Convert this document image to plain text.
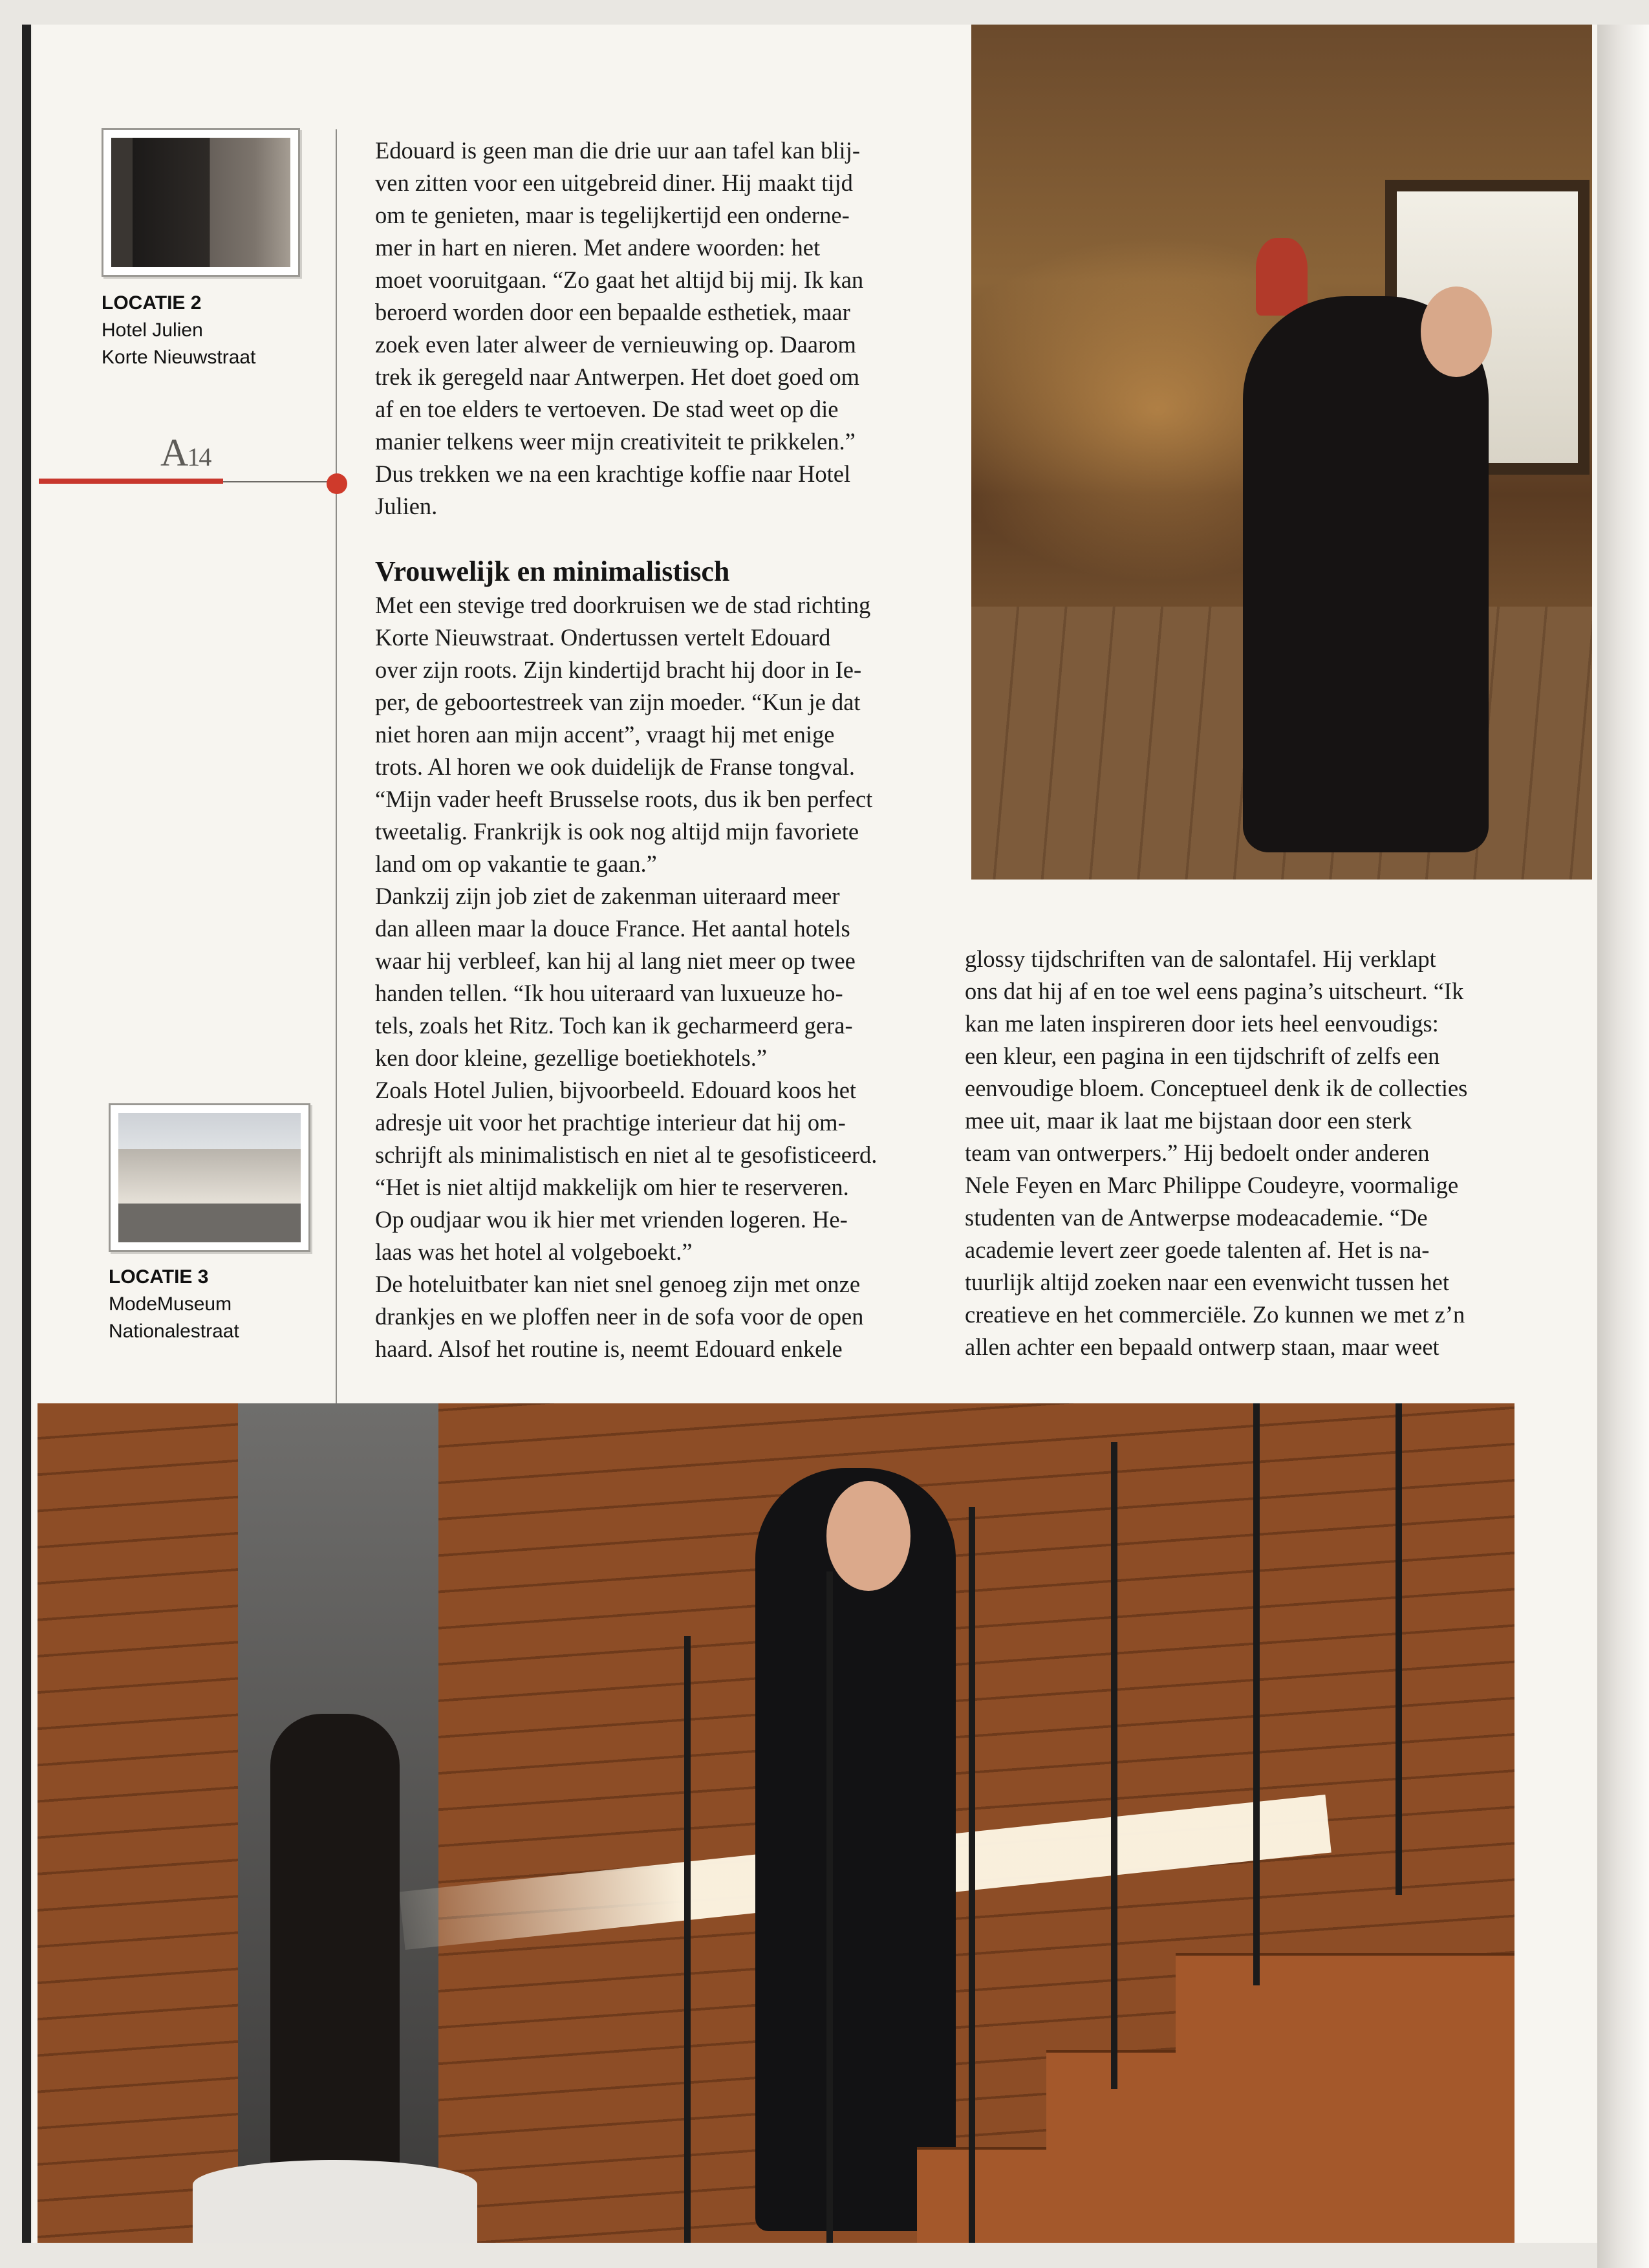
LOCATIE 2
Hotel Julien
Korte Nieuwstraat
A14
LOCATIE 3
ModeMuseum
Nationalestraat
Edouard is geen man die drie uur aan tafel kan blij-
ven zitten voor een uitgebreid diner. Hij maakt tijd
om te genieten, maar is tegelijkertijd een onderne-
mer in hart en nieren. Met andere woorden: het
moet vooruitgaan. “Zo gaat het altijd bij mij. Ik kan
beroerd worden door een bepaalde esthetiek, maar
zoek even later alweer de vernieuwing op. Daarom
trek ik geregeld naar Antwerpen. Het doet goed om
af en toe elders te vertoeven. De stad weet op die
manier telkens weer mijn creativiteit te prikkelen.”
Dus trekken we na een krachtige koffie naar Hotel
Julien.
Vrouwelijk en minimalistisch
Met een stevige tred doorkruisen we de stad richting
Korte Nieuwstraat. Ondertussen vertelt Edouard
over zijn roots. Zijn kindertijd bracht hij door in Ie-
per, de geboortestreek van zijn moeder. “Kun je dat
niet horen aan mijn accent”, vraagt hij met enige
trots. Al horen we ook duidelijk de Franse tongval.
“Mijn vader heeft Brusselse roots, dus ik ben perfect
tweetalig. Frankrijk is ook nog altijd mijn favoriete
land om op vakantie te gaan.”
Dankzij zijn job ziet de zakenman uiteraard meer
dan alleen maar la douce France. Het aantal hotels
waar hij verbleef, kan hij al lang niet meer op twee
handen tellen. “Ik hou uiteraard van luxueuze ho-
tels, zoals het Ritz. Toch kan ik gecharmeerd gera-
ken door kleine, gezellige boetiekhotels.”
Zoals Hotel Julien, bijvoorbeeld. Edouard koos het
adresje uit voor het prachtige interieur dat hij om-
schrijft als minimalistisch en niet al te gesofisticeerd.
“Het is niet altijd makkelijk om hier te reserveren.
Op oudjaar wou ik hier met vrienden logeren. He-
laas was het hotel al volgeboekt.”
De hoteluitbater kan niet snel genoeg zijn met onze
drankjes en we ploffen neer in de sofa voor de open
haard. Alsof het routine is, neemt Edouard enkele
glossy tijdschriften van de salontafel. Hij verklapt
ons dat hij af en toe wel eens pagina’s uitscheurt. “Ik
kan me laten inspireren door iets heel eenvoudigs:
een kleur, een pagina in een tijdschrift of zelfs een
eenvoudige bloem. Conceptueel denk ik de collecties
mee uit, maar ik laat me bijstaan door een sterk
team van ontwerpers.” Hij bedoelt onder anderen
Nele Feyen en Marc Philippe Coudeyre, voormalige
studenten van de Antwerpse modeacademie. “De
academie levert zeer goede talenten af. Het is na-
tuurlijk altijd zoeken naar een evenwicht tussen het
creatieve en het commerciële. Zo kunnen we met z’n
allen achter een bepaald ontwerp staan, maar weet
